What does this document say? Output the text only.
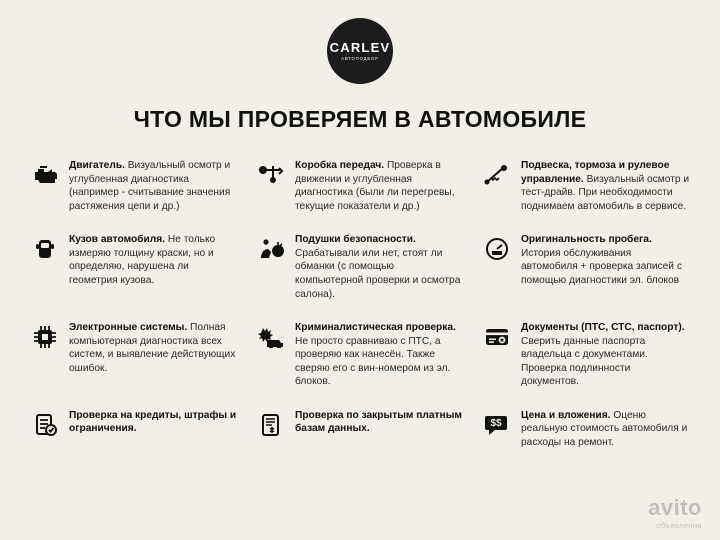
CARLEV
АВТОПОДБОР
ЧТО МЫ ПРОВЕРЯЕМ В АВТОМОБИЛЕ
Двигатель. Визуальный осмотр и углубленная диагностика (например - считывание значения растяжения цепи и др.)
Коробка передач. Проверка в движении и углубленная диагностика (были ли перегревы, текущие показатели и др.)
Подвеска, тормоза и рулевое управление. Визуальный осмотр и тест-драйв. При необходимости поднимаем автомобиль в сервисе.
Кузов автомобиля. Не только измеряю толщину краски, но и определяю, нарушена ли геометрия кузова.
Подушки безопасности. Срабатывали или нет, стоят ли обманки (с помощью компьютерной проверки и осмотра салона).
Оригинальность пробега. История обслуживания автомобиля + проверка записей с помощью диагностики эл. блоков
Электронные системы. Полная компьютерная диагностика всех систем, и выявление действующих ошибок.
Криминалистическая проверка. Не просто сравниваю с ПТС, а проверяю как нанесён. Также сверяю его с вин-номером из эл. блоков.
Документы (ПТС, СТС, паспорт). Сверить данные паспорта владельца с документами. Проверка подлинности документов.
Проверка на кредиты, штрафы и ограничения.
Проверка по закрытым платным базам данных.
$$
Цена и вложения. Оценю реальную стоимость автомобиля и расходы на ремонт.
avito
объявления
